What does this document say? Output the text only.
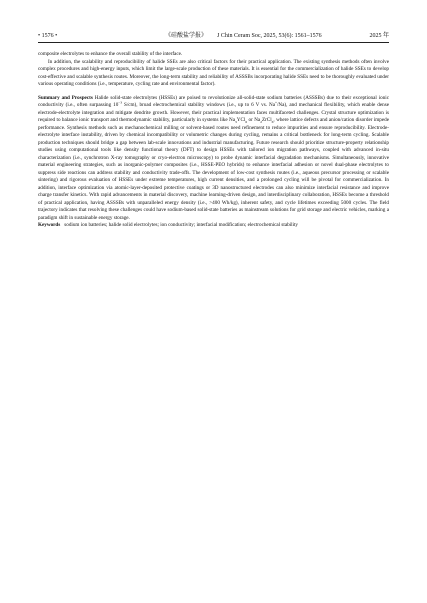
• 1576 •	《硅酸盐学报》 J Chin Ceram Soc, 2025, 53(6): 1561–1576	2025 年

composite electrolytes to enhance the overall stability of the interface.

In addition, the scalability and reproducibility of halide SSEs are also critical factors for their practical application. The existing synthesis methods often involve complex procedures and high-energy inputs, which limit the large-scale production of these materials. It is essential for the commercialization of halide SSEs to develop cost-effective and scalable synthesis routes. Moreover, the long-term stability and reliability of ASSSBs incorporating halide SSEs need to be thoroughly evaluated under various operating conditions (i.e., temperature, cycling rate and environmental factor).

Summary and Prospects Halide solid-state electrolytes (HSSEs) are poised to revolutionize all-solid-state sodium batteries (ASSSBs) due to their exceptional ionic conductivity (i.e., often surpassing $10^{-3}$ S/cm), broad electrochemical stability windows (i.e., up to 6 V vs. Na+/Na), and mechanical flexibility, which enable dense electrode-electrolyte integration and mitigate dendrite growth. However, their practical implementation faces multifaceted challenges. Crystal structure optimization is required to balance ionic transport and thermodynamic stability, particularly in systems like $Na_3YCl_6$ or $Na_2ZrCl_6$, where lattice defects and anion/cation disorder impede performance. Synthesis methods such as mechanochemical milling or solvent-based routes need refinement to reduce impurities and ensure reproducibility. Electrode-electrolyte interface instability, driven by chemical incompatibility or volumetric changes during cycling, remains a critical bottleneck for long-term cycling. Scalable production techniques should bridge a gap between lab-scale innovations and industrial manufacturing. Future research should prioritize structure-property relationship studies using computational tools like density functional theory (DFT) to design HSSEs with tailored ion migration pathways, coupled with advanced in-situ characterization (i.e., synchrotron X-ray tomography or cryo-electron microscopy) to probe dynamic interfacial degradation mechanisms. Simultaneously, innovative material engineering strategies, such as inorganic-polymer composites (i.e., HSSE-PEO hybrids) to enhance interfacial adhesion or novel dual-phase electrolytes to suppress side reactions can address stability and conductivity trade-offs. The development of low-cost synthesis routes (i.e., aqueous precursor processing or scalable sintering) and rigorous evaluation of HSSEs under extreme temperatures, high current densities, and a prolonged cycling will be pivotal for commercialization. In addition, interface optimization via atomic-layer-deposited protective coatings or 3D nanostructured electrodes can also minimize interfacial resistance and improve charge transfer kinetics. With rapid advancements in material discovery, machine learning-driven design, and interdisciplinary collaboration, HSSEs become a threshold of practical application, having ASSSBs with unparalleled energy density (i.e., >400 Wh/kg), inherent safety, and cycle lifetimes exceeding 5000 cycles. The field trajectory indicates that resolving these challenges could have sodium-based solid-state batteries as mainstream solutions for grid storage and electric vehicles, marking a paradigm shift in sustainable energy storage.

Keywords sodium ion batteries; halide solid electrolytes; ion conductivity; interfacial modification; electrochemical stability
